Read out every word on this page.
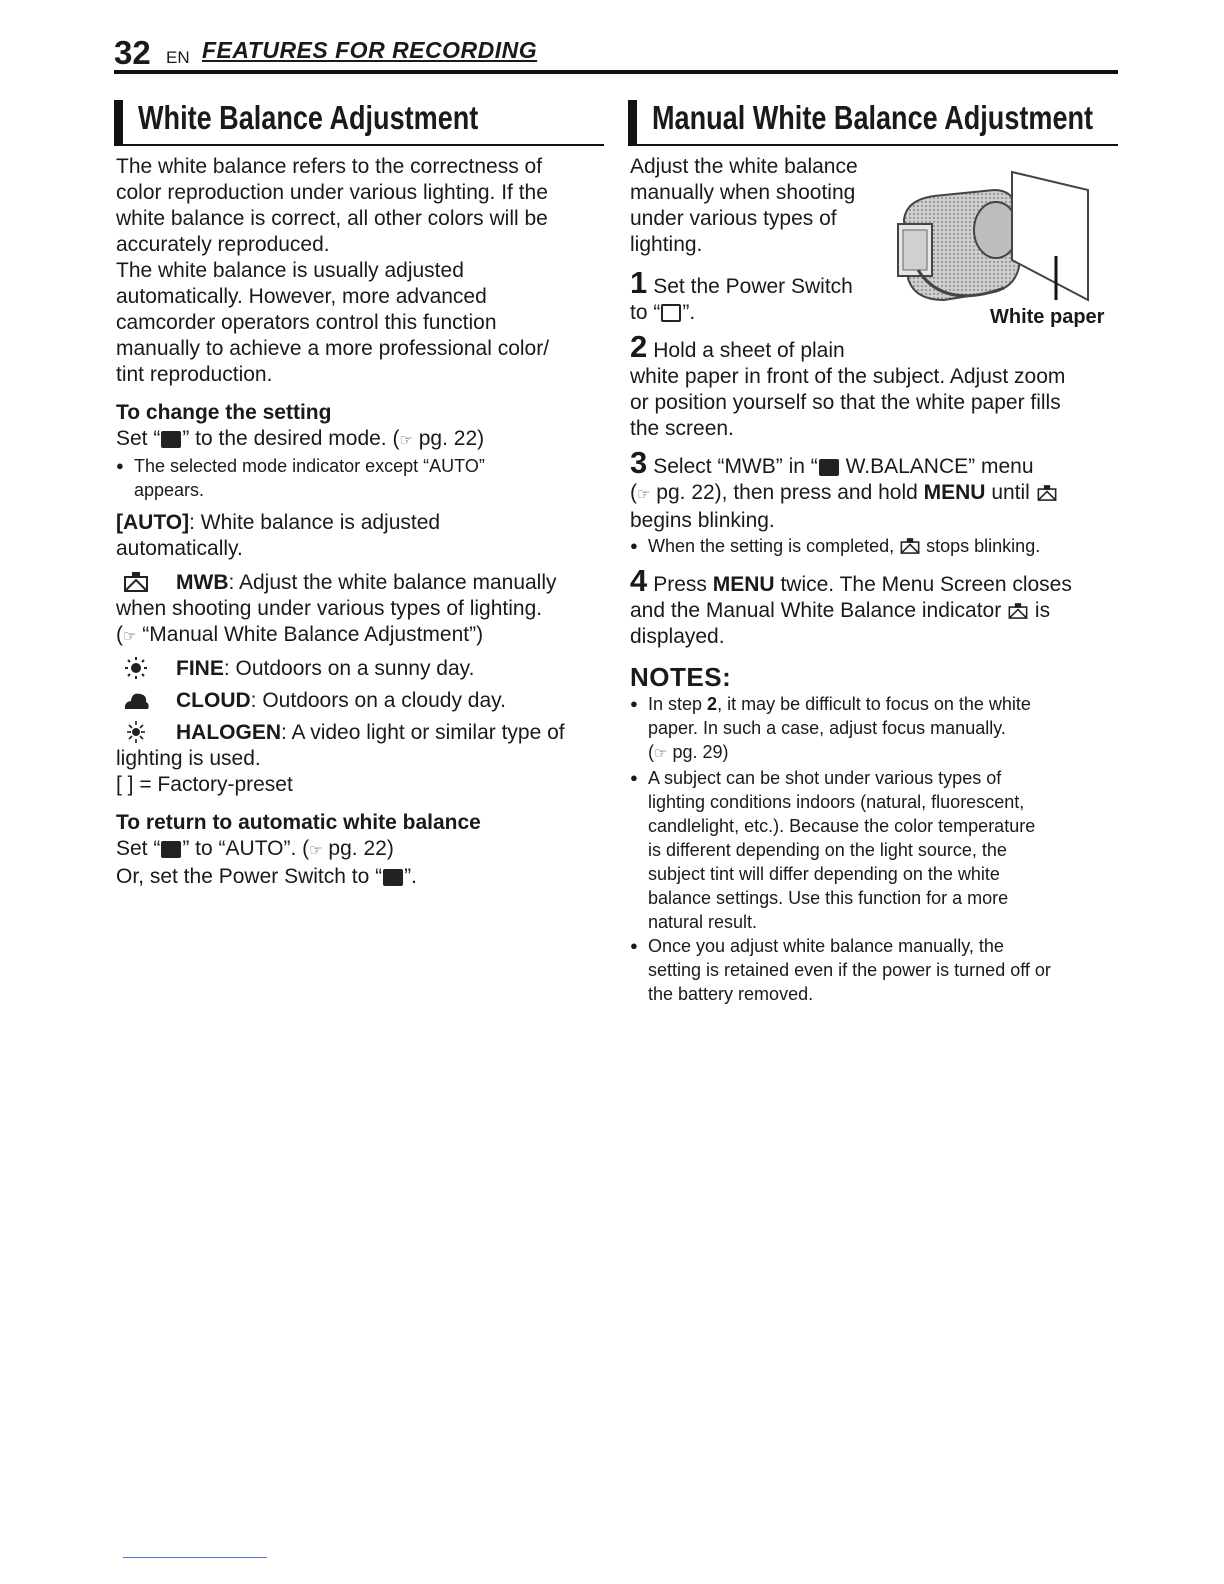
32 EN FEATURES FOR RECORDING
White Balance Adjustment

The white balance refers to the correctness of

color reproduction under various lighting. If the

white balance is correct, all other colors will be

accurately reproduced.

The white balance is usually adjusted

automatically. However, more advanced

camcorder operators control this function

manually to achieve a more professional color/

tint reproduction.

To change the setting

Set “ ” to the desired mode. (☞ pg. 22)

● The selected mode indicator except “AUTO”

appears.

[AUTO]: White balance is adjusted

automatically.

MWB: Adjust the white balance manually

when shooting under various types of lighting.

(☞ “Manual White Balance Adjustment”)

FINE: Outdoors on a sunny day.

CLOUD: Outdoors on a cloudy day.

HALOGEN: A video light or similar type of

lighting is used.

[ ] = Factory-preset

To return to automatic white balance

Set “ ” to “AUTO”. (☞ pg. 22)

Or, set the Power Switch to “ ”.

Manual White Balance Adjustment
White paper

Adjust the white balance

manually when shooting

under various types of

lighting.

1 Set the Power Switch

to “ ”.

2 Hold a sheet of plain

white paper in front of the subject. Adjust zoom

or position yourself so that the white paper fills

the screen.

3 Select “MWB” in “ W.BALANCE” menu

(☞ pg. 22), then press and hold MENU until

begins blinking.

● When the setting is completed,  stops blinking.

4 Press MENU twice. The Menu Screen closes

and the Manual White Balance indicator  is

displayed.

NOTES:

● In step 2, it may be difficult to focus on the white

paper. In such a case, adjust focus manually.

(☞ pg. 29)

● A subject can be shot under various types of

lighting conditions indoors (natural, fluorescent,

candlelight, etc.). Because the color temperature

is different depending on the light source, the

subject tint will differ depending on the white

balance settings. Use this function for a more

natural result.

● Once you adjust white balance manually, the

setting is retained even if the power is turned off or

the battery removed.
